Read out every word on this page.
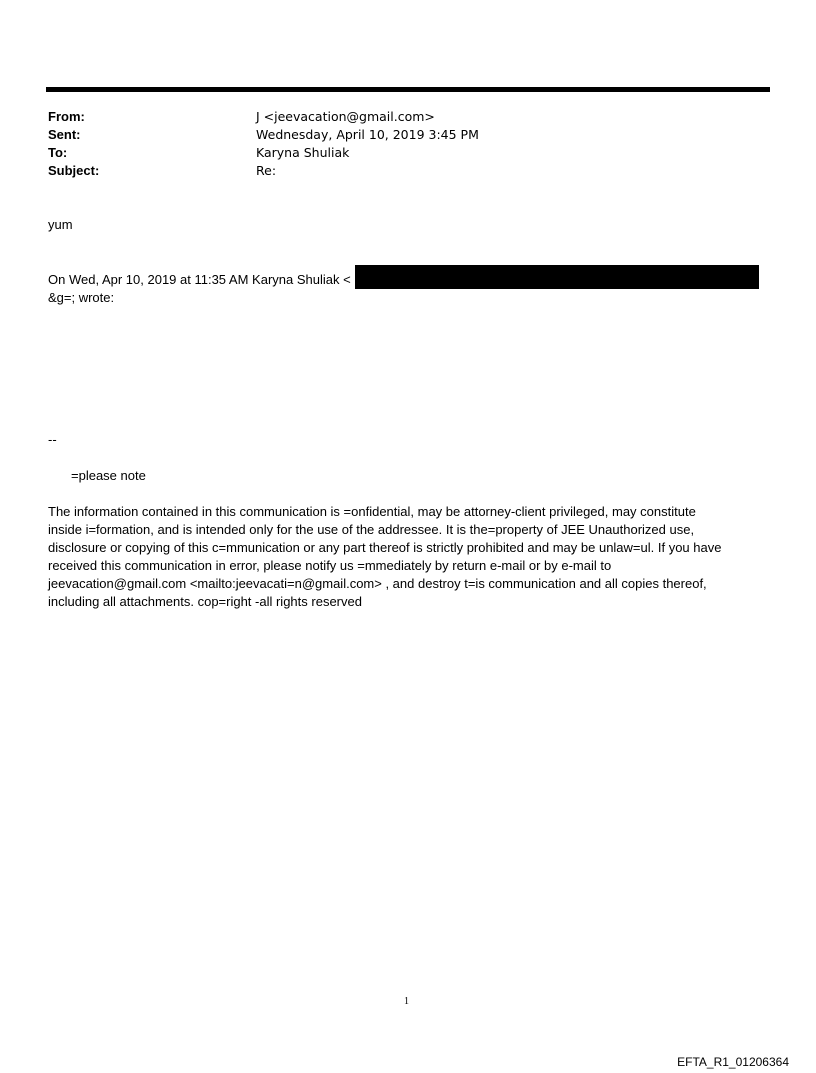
From:	J <jeevacation@gmail.com>
Sent:	Wednesday, April 10, 2019 3:45 PM
To:	Karyna Shuliak
Subject:	Re:
yum
On Wed, Apr 10, 2019 at 11:35 AM Karyna Shuliak <
&g=; wrote:
--
=please note
The information contained in this communication is =onfidential, may be attorney-client privileged, may constitute
inside i=formation, and is intended only for the use of the addressee. It is the=property of JEE Unauthorized use,
disclosure or copying of this c=mmunication or any part thereof is strictly prohibited and may be unlaw=ul. If you have
received this communication in error, please notify us =mmediately by return e-mail or by e-mail to
jeevacation@gmail.com <mailto:jeevacati=n@gmail.com> , and destroy t=is communication and all copies thereof,
including all attachments. cop=right -all rights reserved
1
EFTA_R1_01206364
